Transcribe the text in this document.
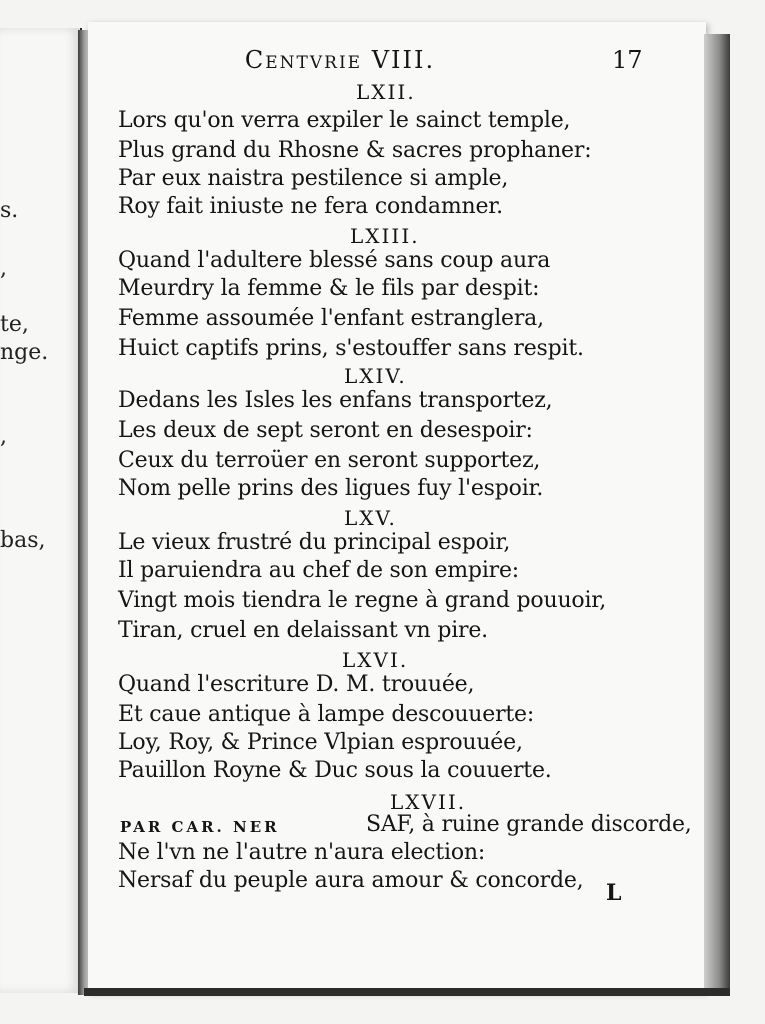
s.
,
te,
nge.
,
bas,
Centvrie VIII.	17
LXII.
Lors qu'on verra expiler le sainct temple,
Plus grand du Rhosne & sacres prophaner:
Par eux naistra pestilence si ample,
Roy fait iniuste ne fera condamner.
LXIII.
Quand l'adultere blessé sans coup aura
Meurdry la femme & le fils par despit:
Femme assoumée l'enfant estranglera,
Huict captifs prins, s'estouffer sans respit.
LXIV.
Dedans les Isles les enfans transportez,
Les deux de sept seront en desespoir:
Ceux du terroüer en seront supportez,
Nom pelle prins des ligues fuy l'espoir.
LXV.
Le vieux frustré du principal espoir,
Il paruiendra au chef de son empire:
Vingt mois tiendra le regne à grand pouuoir,
Tiran, cruel en delaissant vn pire.
LXVI.
Quand l'escriture D. M. trouuée,
Et caue antique à lampe descouuerte:
Loy, Roy, & Prince Vlpian esprouuée,
Pauillon Royne & Duc sous la couuerte.
LXVII.
PAR CAR. NER	SAF, à ruine grande discorde,
Ne l'vn ne l'autre n'aura election:
Nersaf du peuple aura amour & concorde, L
